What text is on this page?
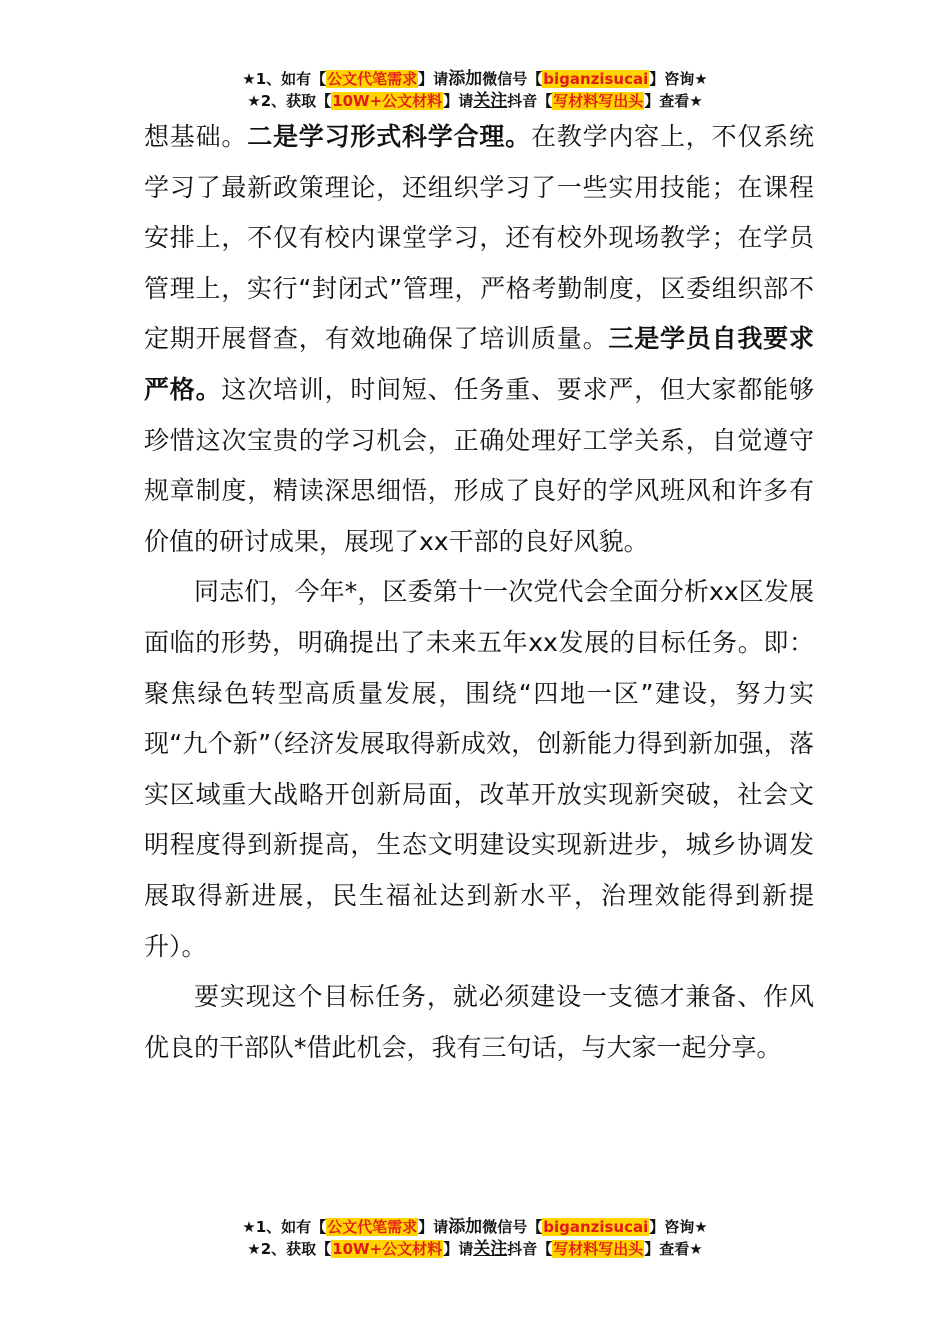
★1、如有【公文代笔需求】请添加微信号【biganzisucai】咨询★
★2、获取【10W+公文材料】请关注抖音【写材料写出头】查看★

想基础。二是学习形式科学合理。在教学内容上，不仅系统学习了最新政策理论，还组织学习了一些实用技能；在课程安排上，不仅有校内课堂学习，还有校外现场教学；在学员管理上，实行“封闭式”管理，严格考勤制度，区委组织部不定期开展督查，有效地确保了培训质量。三是学员自我要求严格。这次培训，时间短、任务重、要求严，但大家都能够珍惜这次宝贵的学习机会，正确处理好工学关系，自觉遵守规章制度，精读深思细悟，形成了良好的学风班风和许多有价值的研讨成果，展现了xx干部的良好风貌。

同志们，今年*，区委第十一次党代会全面分析xx区发展面临的形势，明确提出了未来五年xx发展的目标任务。即：聚焦绿色转型高质量发展，围绕“四地一区”建设，努力实现“九个新”（经济发展取得新成效，创新能力得到新加强，落实区域重大战略开创新局面，改革开放实现新突破，社会文明程度得到新提高，生态文明建设实现新进步，城乡协调发展取得新进展，民生福祉达到新水平，治理效能得到新提升）。

要实现这个目标任务，就必须建设一支德才兼备、作风优良的干部队*借此机会，我有三句话，与大家一起分享。

★1、如有【公文代笔需求】请添加微信号【biganzisucai】咨询★
★2、获取【10W+公文材料】请关注抖音【写材料写出头】查看★
